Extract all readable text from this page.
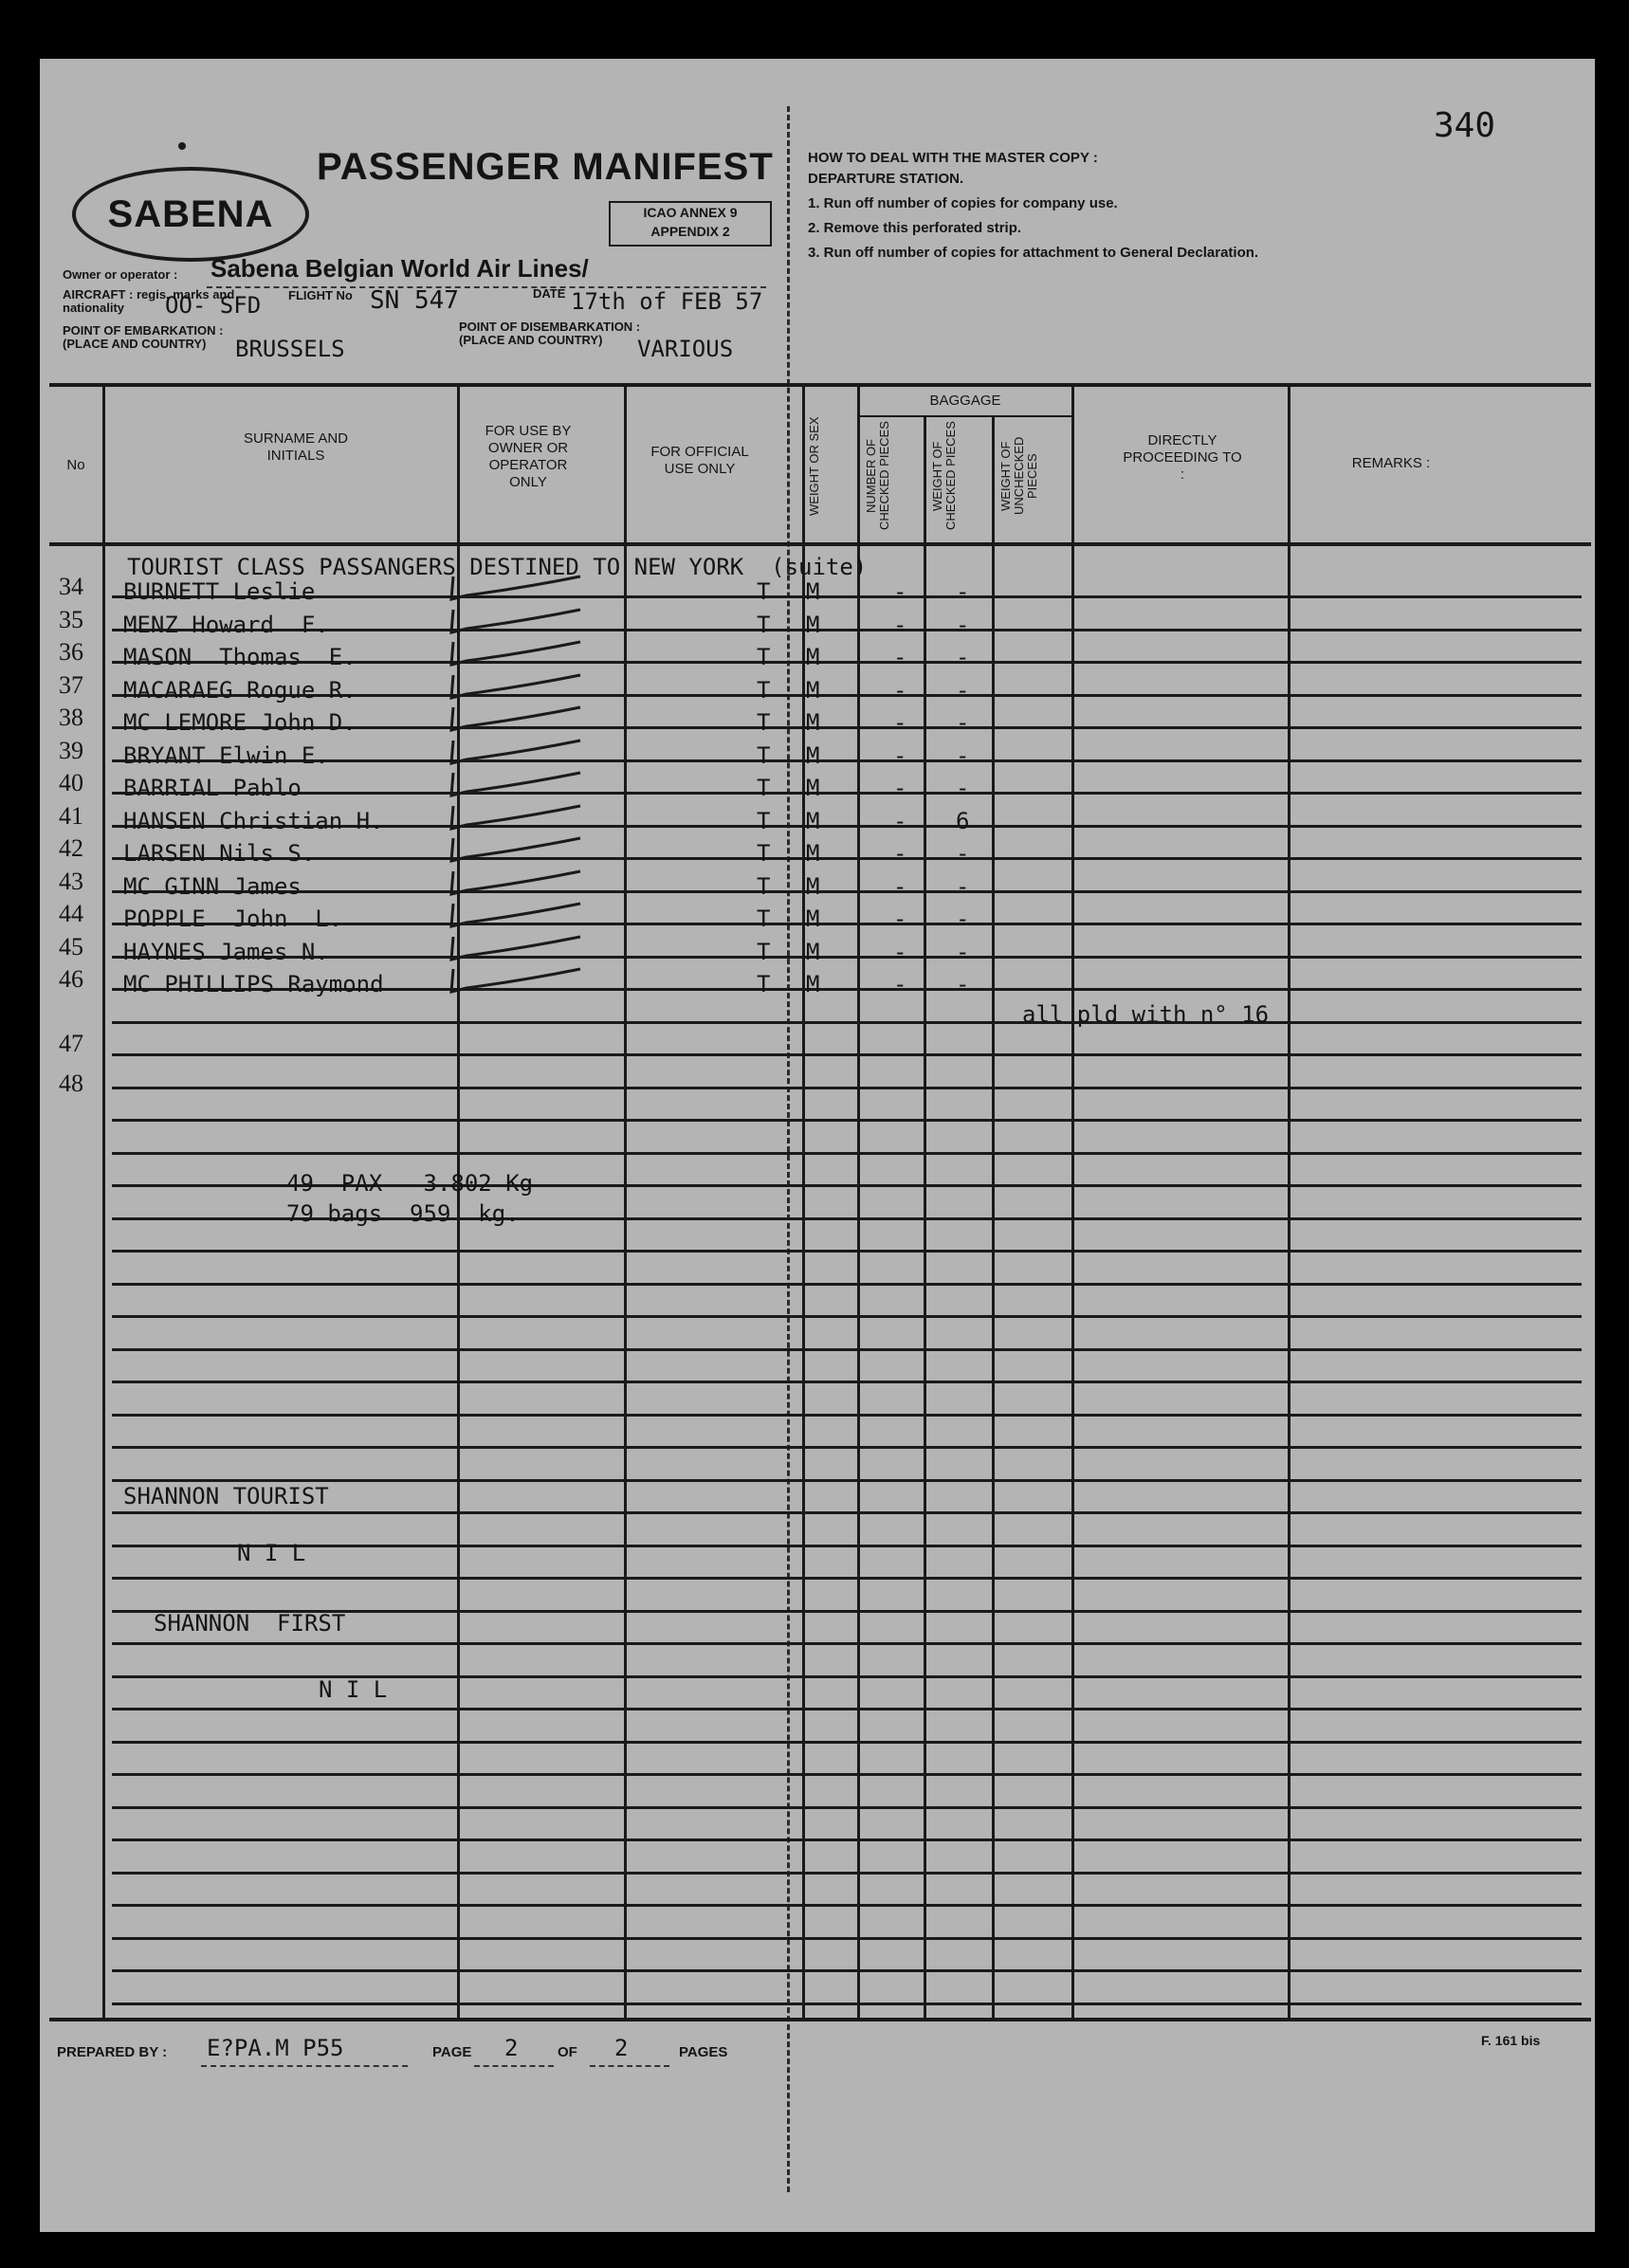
SABENA
PASSENGER MANIFEST
ICAO ANNEX 9
APPENDIX 2
340
HOW TO DEAL WITH THE MASTER COPY :
DEPARTURE STATION.
1. Run off number of copies for company use.
2. Remove this perforated strip.
3. Run off number of copies for attachment to General Declaration.
Owner or operator : Sabena Belgian World Air Lines/
AIRCRAFT : regis. marks and nationality	OO- SFD FLIGHT No SN 547	DATE 17th of FEB 57
POINT OF EMBARKATION : (PLACE AND COUNTRY)	BRUSSELS
POINT OF DISEMBARKATION : (PLACE AND COUNTRY)	VARIOUS
No
SURNAME AND INITIALS
FOR USE BY OWNER OR OPERATOR ONLY
FOR OFFICIAL USE ONLY	WEIGHT OR SEX
BAGGAGE
NUMBER OF CHECKED PIECES	WEIGHT OF CHECKED PIECES	WEIGHT OF UNCHECKED PIECES
DIRECTLY PROCEEDING TO :
REMARKS :
TOURIST CLASS PASSANGERS DESTINED TO NEW YORK  (suite)
34 BURNETT Leslie	T M	- -
35 MENZ Howard  F.	T M	- -
36 MASON  Thomas  E.	T M	- -
37 MACARAEG Rogue R.	T M	- -
38 MC LEMORE John D.	T M	- -
39 BRYANT Elwin E.	T M	- -
40 BARRIAL Pablo	T M	- -
41 HANSEN Christian H.	T M	- 6
42 LARSEN Nils S.	T M	- -
43 MC GINN James	T M	- -
44 POPPLE  John  L.	T M	- -
45 HAYNES James N.	T M	- -
46 MC PHILLIPS Raymond	T M	- -
all pld with n° 16
47
48
49  PAX   3.802 Kg
79 bags  959  kg.
SHANNON TOURIST
N I L
SHANNON  FIRST
N I L
PREPARED BY : E?PA.M P55	PAGE 2	OF 2	PAGES
F. 161 bis
